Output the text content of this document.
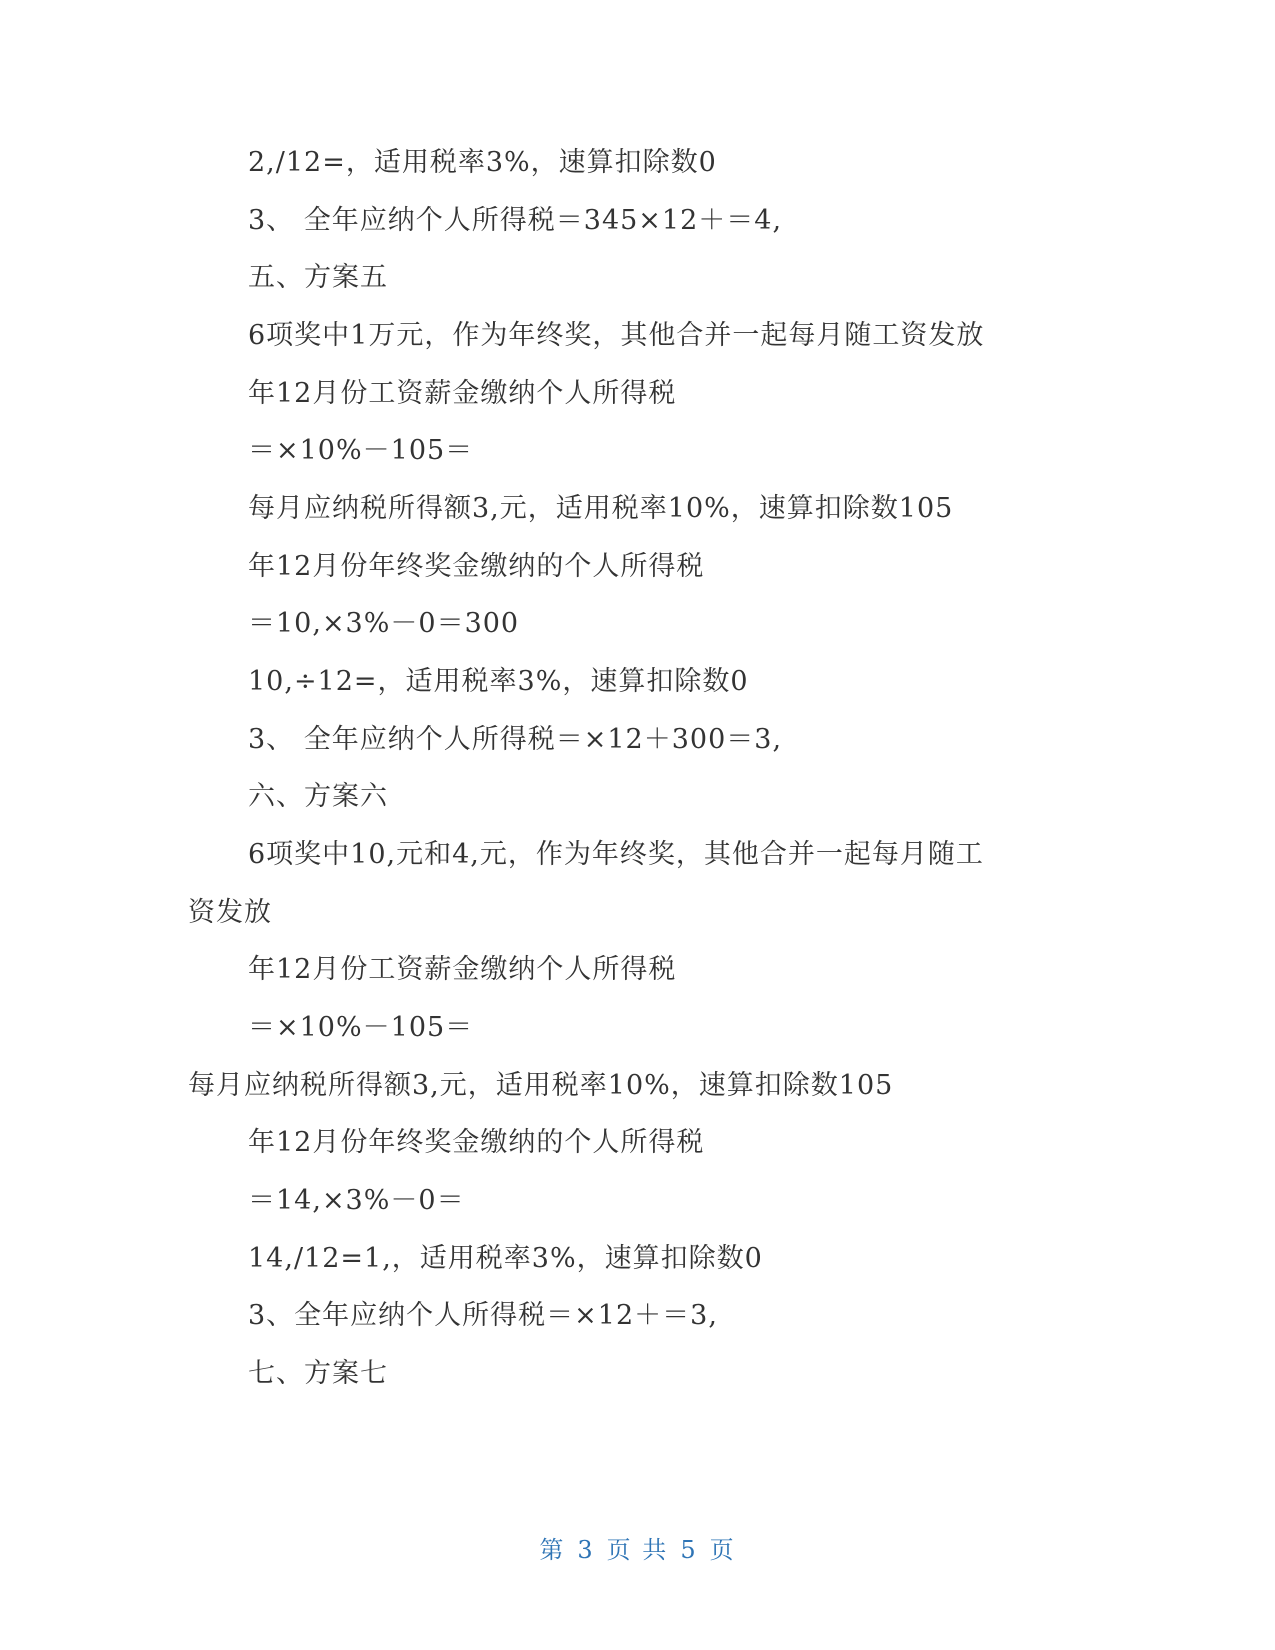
2,/12=，适用税率3%，速算扣除数0
3、 全年应纳个人所得税＝345×12＋＝4,
五、方案五
6项奖中1万元，作为年终奖，其他合并一起每月随工资发放
年12月份工资薪金缴纳个人所得税
＝×10%－105＝
每月应纳税所得额3,元，适用税率10%，速算扣除数105
年12月份年终奖金缴纳的个人所得税
＝10,×3%－0＝300
10,÷12=，适用税率3%，速算扣除数0
3、 全年应纳个人所得税＝×12＋300＝3,
六、方案六
6项奖中10,元和4,元，作为年终奖，其他合并一起每月随工
资发放
年12月份工资薪金缴纳个人所得税
＝×10%－105＝
每月应纳税所得额3,元，适用税率10%，速算扣除数105
年12月份年终奖金缴纳的个人所得税
＝14,×3%－0＝
14,/12=1,，适用税率3%，速算扣除数0
3、全年应纳个人所得税＝×12＋＝3,
七、方案七
第 3 页 共 5 页
